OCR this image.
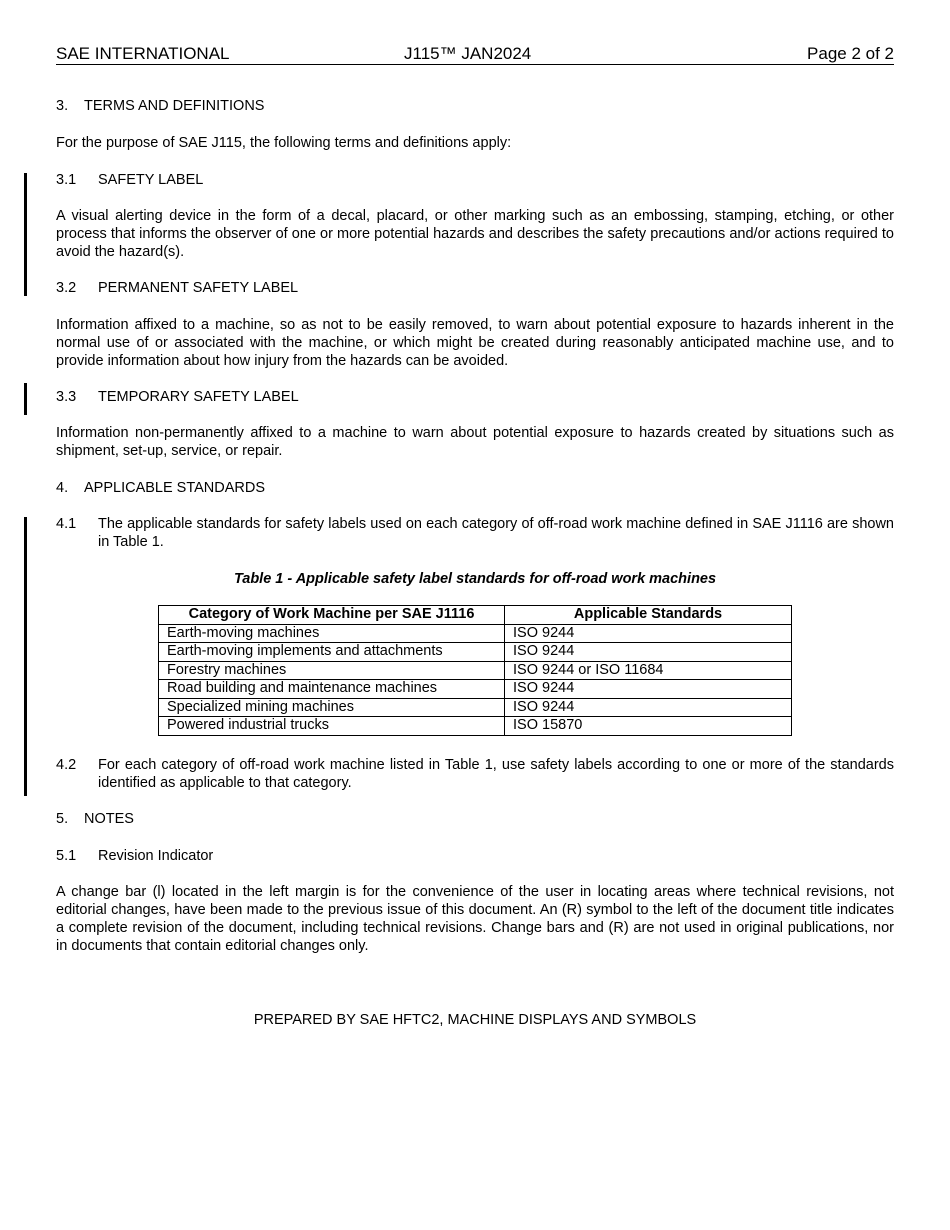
SAE INTERNATIONAL	J115™ JAN2024	Page 2 of 2
3. TERMS AND DEFINITIONS
For the purpose of SAE J115, the following terms and definitions apply:
3.1 SAFETY LABEL
A visual alerting device in the form of a decal, placard, or other marking such as an embossing, stamping, etching, or other process that informs the observer of one or more potential hazards and describes the safety precautions and/or actions required to avoid the hazard(s).
3.2 PERMANENT SAFETY LABEL
Information affixed to a machine, so as not to be easily removed, to warn about potential exposure to hazards inherent in the normal use of or associated with the machine, or which might be created during reasonably anticipated machine use, and to provide information about how injury from the hazards can be avoided.
3.3 TEMPORARY SAFETY LABEL
Information non-permanently affixed to a machine to warn about potential exposure to hazards created by situations such as shipment, set-up, service, or repair.
4. APPLICABLE STANDARDS
4.1 The applicable standards for safety labels used on each category of off-road work machine defined in SAE J1116 are shown in Table 1.
Table 1 - Applicable safety label standards for off-road work machines
Category of Work Machine per SAE J1116	Applicable Standards
Earth-moving machines	ISO 9244
Earth-moving implements and attachments	ISO 9244
Forestry machines	ISO 9244 or ISO 11684
Road building and maintenance machines	ISO 9244
Specialized mining machines	ISO 9244
Powered industrial trucks	ISO 15870
4.2 For each category of off-road work machine listed in Table 1, use safety labels according to one or more of the standards identified as applicable to that category.
5. NOTES
5.1 Revision Indicator
A change bar (l) located in the left margin is for the convenience of the user in locating areas where technical revisions, not editorial changes, have been made to the previous issue of this document. An (R) symbol to the left of the document title indicates a complete revision of the document, including technical revisions. Change bars and (R) are not used in original publications, nor in documents that contain editorial changes only.
PREPARED BY SAE HFTC2, MACHINE DISPLAYS AND SYMBOLS
